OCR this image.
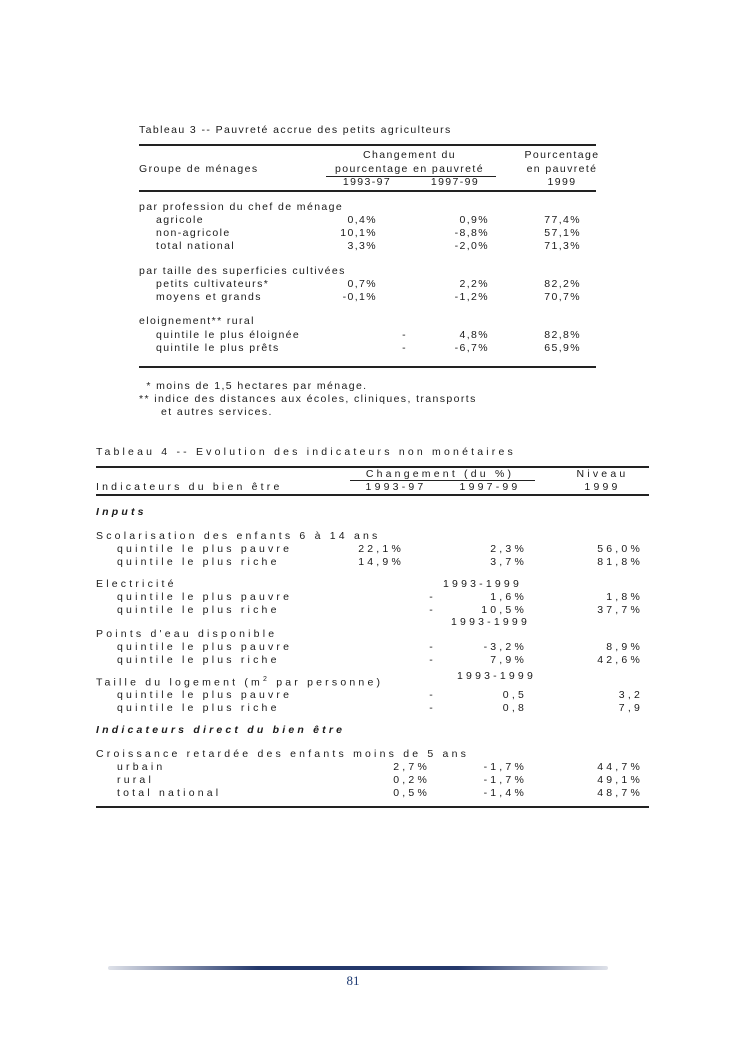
Tableau 3 -- Pauvreté accrue des petits agriculteurs
Groupe de ménages
Changement du
pourcentage en pauvreté
1993-97	1997-99
Pourcentage
en pauvreté
1999
par profession du chef de ménage
agricole	0,4%	0,9%	77,4%
non-agricole	10,1%	-8,8%	57,1%
total national	3,3%	-2,0%	71,3%
par taille des superficies cultivées
petits cultivateurs*	0,7%	2,2%	82,2%
moyens et grands	-0,1%	-1,2%	70,7%
eloignement** rural
quintile le plus éloignée	-	4,8%	82,8%
quintile le plus prêts	-	-6,7%	65,9%
* moins de 1,5 hectares par ménage.
** indice des distances aux écoles, cliniques, transports
et autres services.
Tableau 4 -- Evolution des indicateurs non monétaires
Indicateurs du bien être
Changement (du %)
1993-97	1997-99
Niveau
1999
Inputs
Scolarisation des enfants 6 à 14 ans
quintile le plus pauvre	22,1%	2,3%	56,0%
quintile le plus riche	14,9%	3,7%	81,8%
Electricité	1993-1999
quintile le plus pauvre	-	1,6%	1,8%
quintile le plus riche	-	10,5%	37,7%
1993-1999
Points d'eau disponible
quintile le plus pauvre	-	-3,2%	8,9%
quintile le plus riche	-	7,9%	42,6%
Taille du logement ($m^2$ par personne)
1993-1999
quintile le plus pauvre	-	0,5	3,2
quintile le plus riche	-	0,8	7,9
Indicateurs direct du bien être
Croissance retardée des enfants moins de 5 ans
urbain	2,7%	-1,7%	44,7%
rural	0,2%	-1,7%	49,1%
total national	0,5%	-1,4%	48,7%
81
